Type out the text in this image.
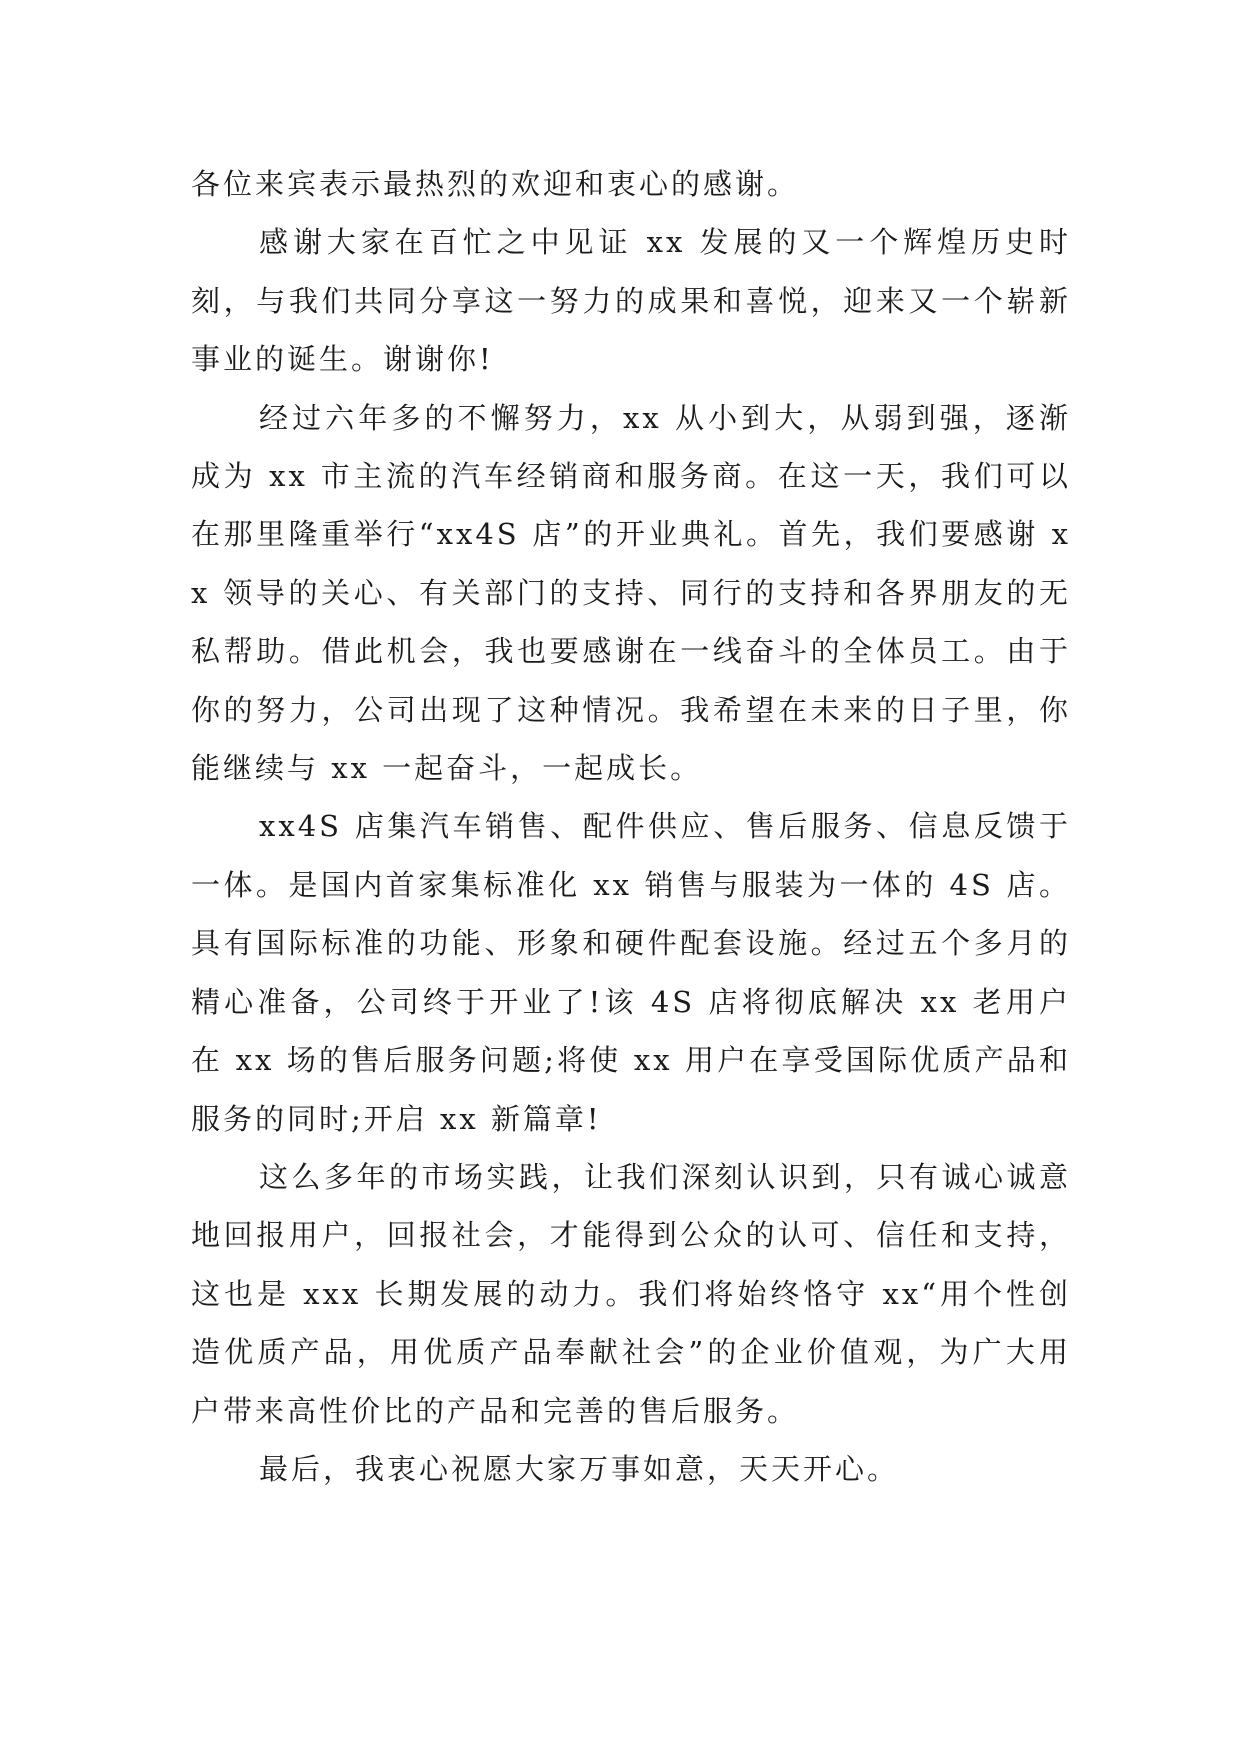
各位来宾表示最热烈的欢迎和衷心的感谢。

感谢大家在百忙之中见证 xx 发展的又一个辉煌历史时刻，与我们共同分享这一努力的成果和喜悦，迎来又一个崭新事业的诞生。谢谢你!

经过六年多的不懈努力，xx 从小到大，从弱到强，逐渐成为 xx 市主流的汽车经销商和服务商。在这一天，我们可以在那里隆重举行“xx4S 店”的开业典礼。首先，我们要感谢 xx 领导的关心、有关部门的支持、同行的支持和各界朋友的无私帮助。借此机会，我也要感谢在一线奋斗的全体员工。由于你的努力，公司出现了这种情况。我希望在未来的日子里，你能继续与 xx 一起奋斗，一起成长。

xx4S 店集汽车销售、配件供应、售后服务、信息反馈于一体。是国内首家集标准化 xx 销售与服装为一体的 4S 店。具有国际标准的功能、形象和硬件配套设施。经过五个多月的精心准备，公司终于开业了!该 4S 店将彻底解决 xx 老用户在 xx 场的售后服务问题;将使 xx 用户在享受国际优质产品和服务的同时;开启 xx 新篇章!

这么多年的市场实践，让我们深刻认识到，只有诚心诚意地回报用户，回报社会，才能得到公众的认可、信任和支持，这也是 xxx 长期发展的动力。我们将始终恪守 xx“用个性创造优质产品，用优质产品奉献社会”的企业价值观，为广大用户带来高性价比的产品和完善的售后服务。

最后，我衷心祝愿大家万事如意，天天开心。
